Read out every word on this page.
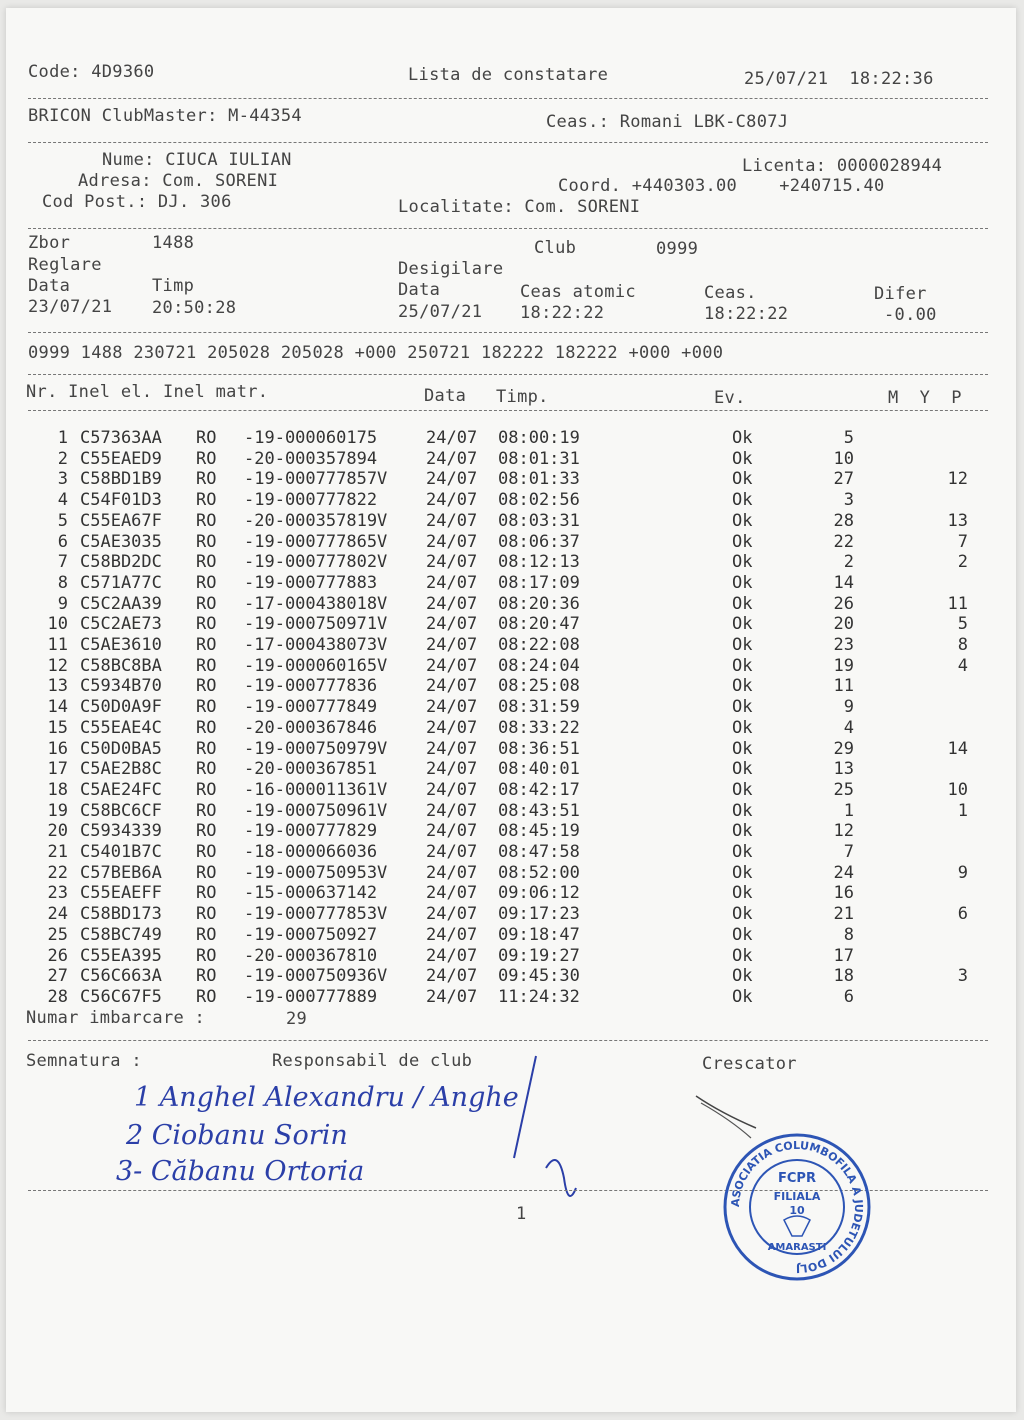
Code: 4D9360	Lista de constatare	25/07/21  18:22:36
BRICON ClubMaster: M-44354	Ceas.: Romani LBK-C807J
Nume: CIUCA IULIAN
Adresa: Com. SORENI
Cod Post.: DJ. 306
Licenta: 0000028944
Coord. +440303.00    +240715.40
Localitate: Com. SORENI
Zbor	1488	Club	0999
Reglare	Desigilare
Data	Timp	Data	Ceas atomic	Ceas.	Difer
23/07/21 20:50:28	25/07/21 18:22:22	18:22:22	-0.00
0999 1488 230721 205028 205028 +000 250721 182222 182222 +000 +000
Nr. Inel el. Inel matr.	Data Timp.	Ev.	M  Y  P
1 C57363AA RO -19-000060175	24/07 08:00:19	Ok	5
2 C55EAED9 RO -20-000357894	24/07 08:01:31	Ok	10
3 C58BD1B9 RO -19-000777857V 24/07 08:01:33	Ok	27	12
4 C54F01D3 RO -19-000777822	24/07 08:02:56	Ok	3
5 C55EA67F RO -20-000357819V 24/07 08:03:31	Ok	28	13
6 C5AE3035 RO -19-000777865V 24/07 08:06:37	Ok	22	7
7 C58BD2DC RO -19-000777802V 24/07 08:12:13	Ok	2	2
8 C571A77C RO -19-000777883	24/07 08:17:09	Ok	14
9 C5C2AA39 RO -17-000438018V 24/07 08:20:36	Ok	26	11
10 C5C2AE73 RO -19-000750971V 24/07 08:20:47	Ok	20	5
11 C5AE3610 RO -17-000438073V 24/07 08:22:08	Ok	23	8
12 C58BC8BA RO -19-000060165V 24/07 08:24:04	Ok	19	4
13 C5934B70 RO -19-000777836	24/07 08:25:08	Ok	11
14 C50D0A9F RO -19-000777849	24/07 08:31:59	Ok	9
15 C55EAE4C RO -20-000367846	24/07 08:33:22	Ok	4
16 C50D0BA5 RO -19-000750979V 24/07 08:36:51	Ok	29	14
17 C5AE2B8C RO -20-000367851	24/07 08:40:01	Ok	13
18 C5AE24FC RO -16-000011361V 24/07 08:42:17	Ok	25	10
19 C58BC6CF RO -19-000750961V 24/07 08:43:51	Ok	1	1
20 C5934339 RO -19-000777829	24/07 08:45:19	Ok	12
21 C5401B7C RO -18-000066036	24/07 08:47:58	Ok	7
22 C57BEB6A RO -19-000750953V 24/07 08:52:00	Ok	24	9
23 C55EAEFF RO -15-000637142	24/07 09:06:12	Ok	16
24 C58BD173 RO -19-000777853V 24/07 09:17:23	Ok	21	6
25 C58BC749 RO -19-000750927	24/07 09:18:47	Ok	8
26 C55EA395 RO -20-000367810	24/07 09:19:27	Ok	17
27 C56C663A RO -19-000750936V 24/07 09:45:30	Ok	18	3
28 C56C67F5 RO -19-000777889	24/07 11:24:32	Ok	6
Numar imbarcare :	29
Semnatura :	Responsabil de club	Crescator
1 Anghel Alexandru / Anghe
2 Ciobanu Sorin
3- Căbanu Ortoria
1
ASOCIATIA COLUMBOFILA A JUDETULUI DOLJ
FCPR
FILIALA
10
AMARASTI
